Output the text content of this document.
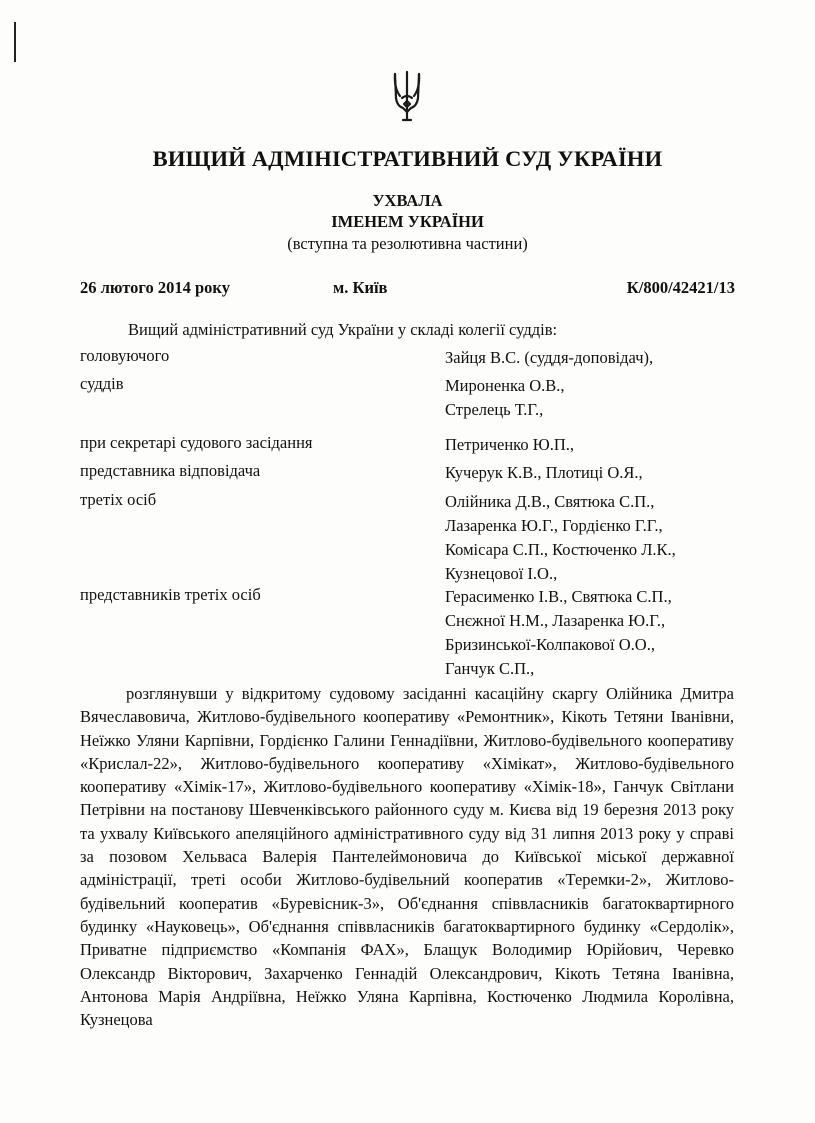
ВИЩИЙ АДМІНІСТРАТИВНИЙ СУД УКРАЇНИ
УХВАЛА
ІМЕНЕМ УКРАЇНИ
(вступна та резолютивна частини)
26 лютого 2014 року	м. Київ	К/800/42421/13
Вищий адміністративний суд України у складі колегії суддів:
головуючого	Зайця В.С. (суддя-доповідач),
суддів	Мироненка О.В.,
Стрелець Т.Г.,
при секретарі судового засідання	Петриченко Ю.П.,
представника відповідача	Кучерук К.В., Плотиці О.Я.,
третіх осіб	Олійника Д.В., Святюка С.П.,
Лазаренка Ю.Г., Гордієнко Г.Г.,
Комісара С.П., Костюченко Л.К.,
Кузнецової І.О.,
представників третіх осіб	Герасименко І.В., Святюка С.П.,
Снєжної Н.М., Лазаренка Ю.Г.,
Бризинської-Колпакової О.О.,
Ганчук С.П.,

розглянувши у відкритому судовому засіданні касаційну скаргу Олійника Дмитра Вячеславовича, Житлово-будівельного кооперативу «Ремонтник», Кікоть Тетяни Іванівни, Неїжко Уляни Карпівни, Гордієнко Галини Геннадіївни, Житлово-будівельного кооперативу «Крислал-22», Житлово-будівельного кооперативу «Хімікат», Житлово-будівельного кооперативу «Хімік-17», Житлово-будівельного кооперативу «Хімік-18», Ганчук Світлани Петрівни на постанову Шевченківського районного суду м. Києва від 19 березня 2013 року та ухвалу Київського апеляційного адміністративного суду від 31 липня 2013 року у справі за позовом Хельваса Валерія Пантелеймоновича до Київської міської державної адміністрації, треті особи Житлово-будівельний кооператив «Теремки-2», Житлово-будівельний кооператив «Буревісник-3», Об'єднання співвласників багатоквартирного будинку «Науковець», Об'єднання співвласників багатоквартирного будинку «Сердолік», Приватне підприємство «Компанія ФАХ», Блащук Володимир Юрійович, Черевко Олександр Вікторович, Захарченко Геннадій Олександрович, Кікоть Тетяна Іванівна, Антонова Марія Андріївна, Неїжко Уляна Карпівна, Костюченко Людмила Королівна, Кузнецова
